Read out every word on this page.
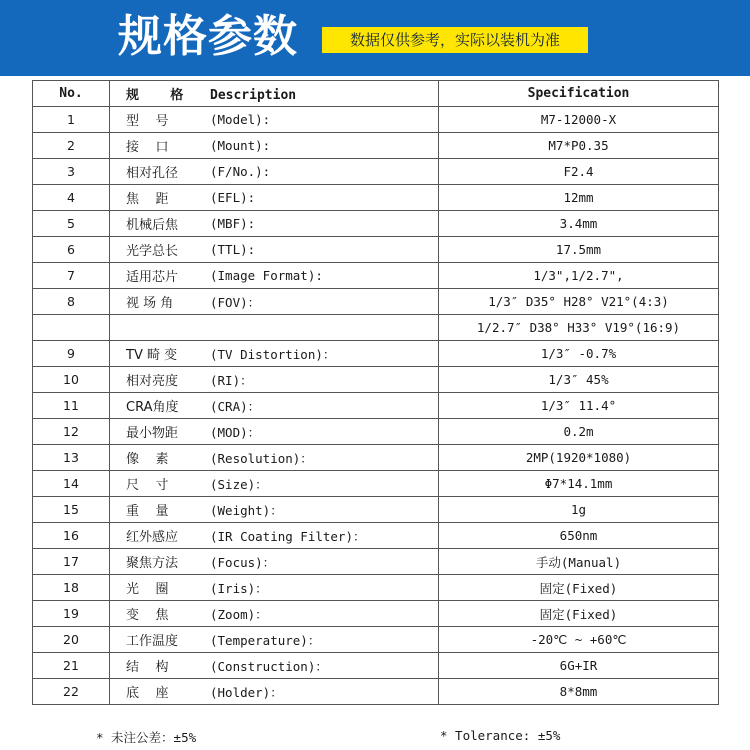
规格参数	数据仅供参考，实际以装机为准
No.	规    格 Description	Specification
1	型    号 (Model):	M7-12000-X
2	接    口 (Mount):	M7*P0.35
3	相对孔径 (F/No.):	F2.4
4	焦    距 (EFL):	12mm
5	机械后焦 (MBF):	3.4mm
6	光学总长 (TTL):	17.5mm
7	适用芯片 (Image Format):	1/3",1/2.7",
8	视 场 角 (FOV)：	1/3″ D35° H28° V21°(4:3)

	1/2.7″ D38° H33° V19°(16:9)
9	TV 畸 变 (TV Distortion)：	1/3″ -0.7%
10	相对亮度 (RI)：	1/3″ 45%
11	CRA角度 (CRA)：	1/3″ 11.4°
12	最小物距 (MOD)：	0.2m
13	像    素 (Resolution)：	2MP(1920*1080)
14	尺    寸 (Size)：	Φ7*14.1mm
15	重    量 (Weight)：	1g
16	红外感应 (IR Coating Filter)：	650nm
17	聚焦方法 (Focus)：	手动(Manual)
18	光    圈 (Iris)：	固定(Fixed)
19	变    焦 (Zoom)：	固定(Fixed)
20	工作温度 (Temperature)：	-20℃ ~ +60℃
21	结    构 (Construction)：	6G+IR
22	底    座 (Holder)：	8*8mm
* 未注公差：±5%	* Tolerance: ±5%
